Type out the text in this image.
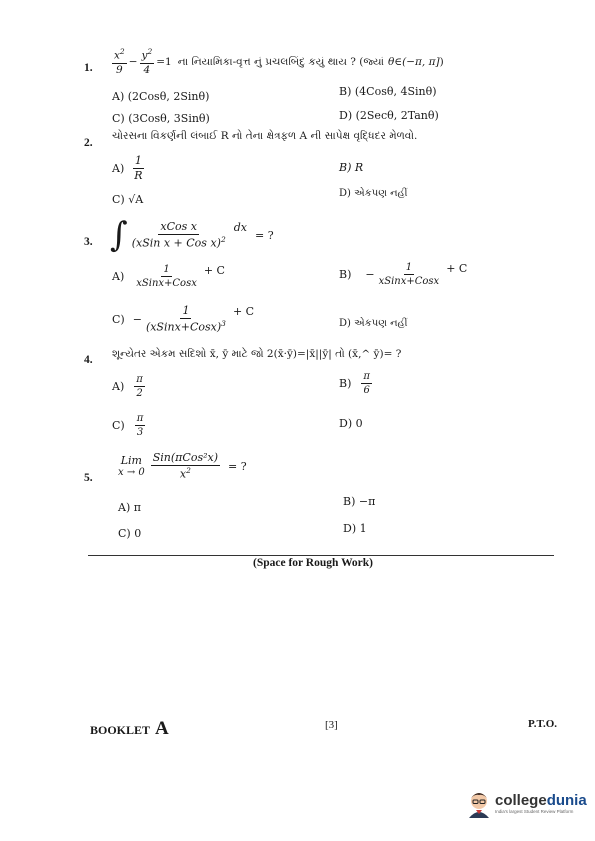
1. $\frac{x^2}{9} - \frac{y^2}{4} =1$ ના નિયામિકા-વૃત્ત નું પ્રચલબિંદુ કયું થાય ? (જ્યાં θ∈(−π, π] )
A) (2Cosθ, 2Sinθ)	B) (4Cosθ, 4Sinθ)
C) (3Cosθ, 3Sinθ)	D) (2Secθ, 2Tanθ)
2.
ચોરસના વિકર્ણની લંબાઈ R નો તેના ક્ષેત્રફળ A ની સાપેક્ષ વૃદ્ધિદર મેળવો.
$A) \frac{1}{R}$	B) R
C) √A	D) એકપણ નહીં
3. ∫ $\frac{\text{xCos x}}{(xSin x + Cos x)^2}$ dx
= ?
$A) \frac{1}{\text{xSinx+Cosx}} + C$	$B) - \frac{1}{\text{xSinx+Cosx}} + C$
$C) - \frac{1}{(xSinx+Cosx)^3} + C$
D) એકપણ નહીં
4. શૂન્યેતર એકમ સદિશો x̄, ȳ માટે જો 2(x̄·ȳ)=|x̄||ȳ| તો (x̄,^ ȳ)= ?
$A) \frac{\pi}{2}$	$B) \frac{\pi}{6}$
$C) \frac{\pi}{3}$	D) 0
5.
Lim
$x \to 0 \frac{\text{Sin(πCos²x)}}{x^2}$ = ?
A) π	B) −π
C) 0	D) 1
(Space for Rough Work)
BOOKLET A	[3]	P.T.O.
collegedunia
India's largest Student Review Platform
